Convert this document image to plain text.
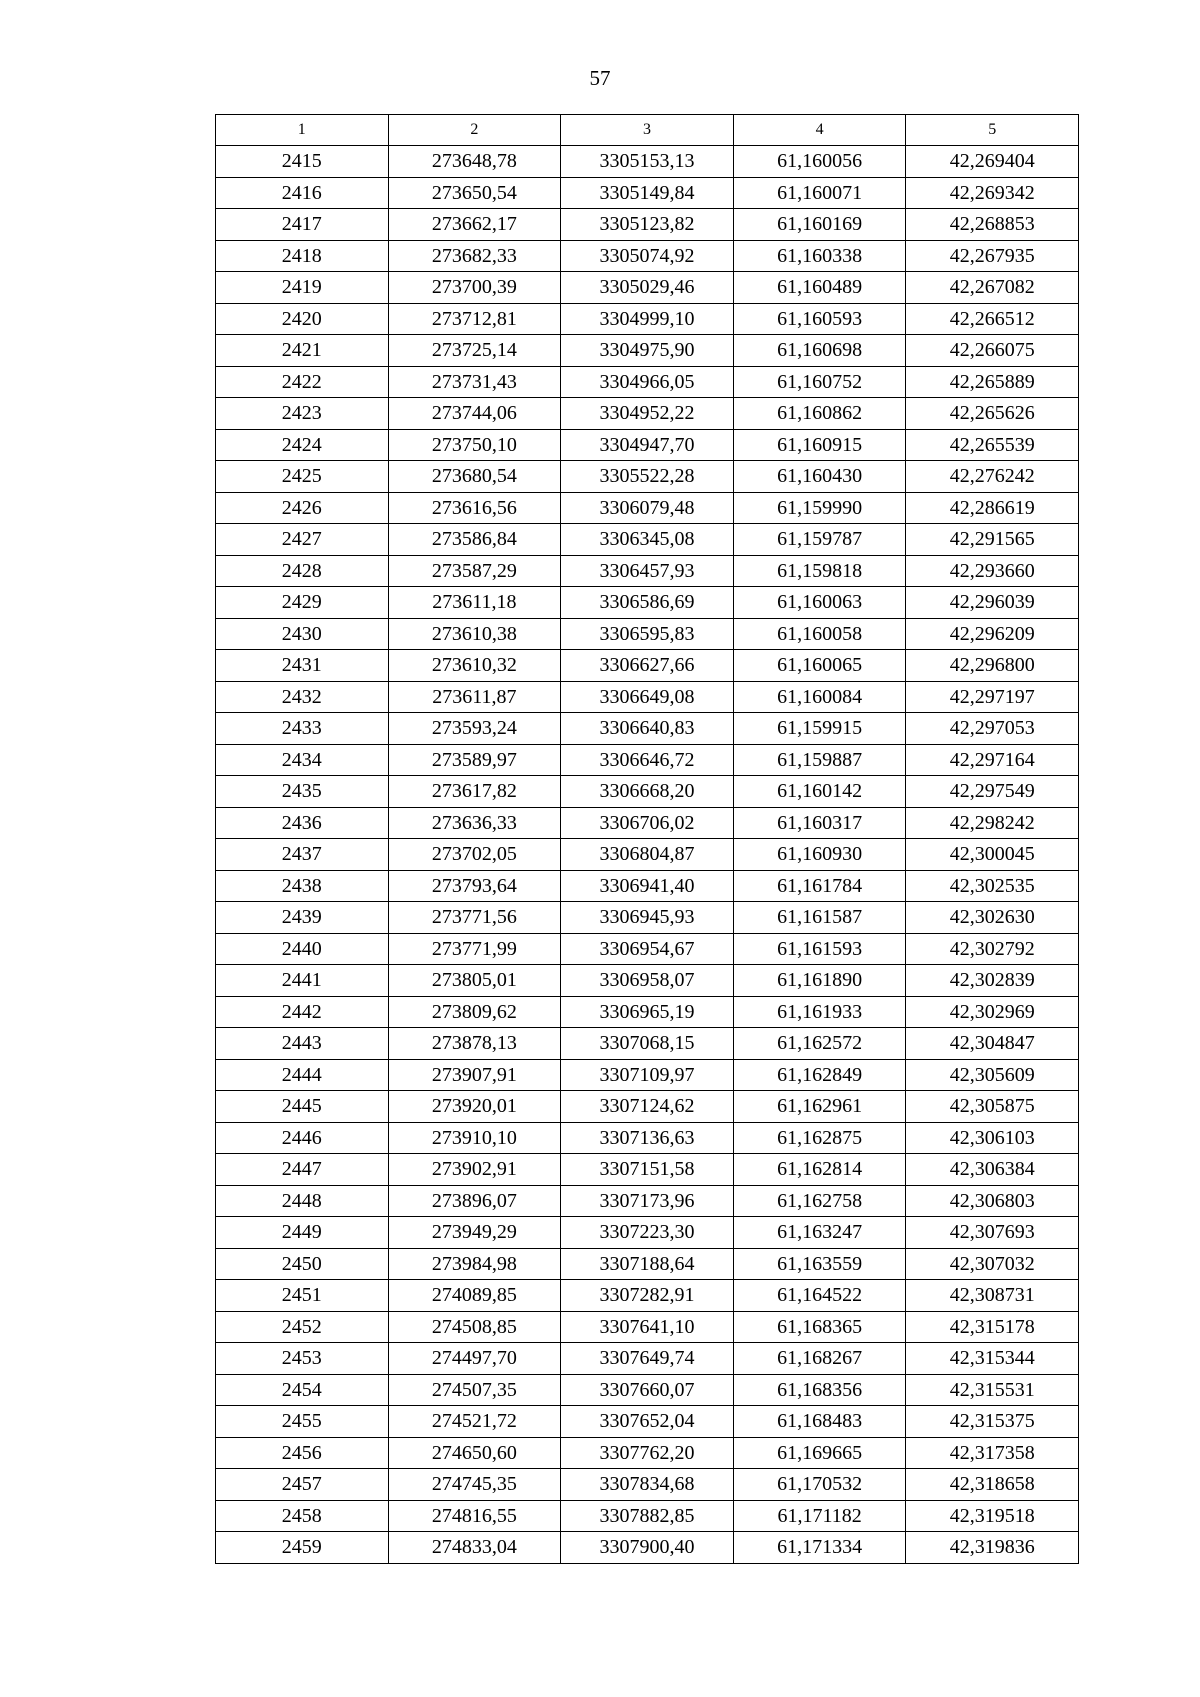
57
1	2	3	4	5
2415	273648,78	3305153,13	61,160056	42,269404
2416	273650,54	3305149,84	61,160071	42,269342
2417	273662,17	3305123,82	61,160169	42,268853
2418	273682,33	3305074,92	61,160338	42,267935
2419	273700,39	3305029,46	61,160489	42,267082
2420	273712,81	3304999,10	61,160593	42,266512
2421	273725,14	3304975,90	61,160698	42,266075
2422	273731,43	3304966,05	61,160752	42,265889
2423	273744,06	3304952,22	61,160862	42,265626
2424	273750,10	3304947,70	61,160915	42,265539
2425	273680,54	3305522,28	61,160430	42,276242
2426	273616,56	3306079,48	61,159990	42,286619
2427	273586,84	3306345,08	61,159787	42,291565
2428	273587,29	3306457,93	61,159818	42,293660
2429	273611,18	3306586,69	61,160063	42,296039
2430	273610,38	3306595,83	61,160058	42,296209
2431	273610,32	3306627,66	61,160065	42,296800
2432	273611,87	3306649,08	61,160084	42,297197
2433	273593,24	3306640,83	61,159915	42,297053
2434	273589,97	3306646,72	61,159887	42,297164
2435	273617,82	3306668,20	61,160142	42,297549
2436	273636,33	3306706,02	61,160317	42,298242
2437	273702,05	3306804,87	61,160930	42,300045
2438	273793,64	3306941,40	61,161784	42,302535
2439	273771,56	3306945,93	61,161587	42,302630
2440	273771,99	3306954,67	61,161593	42,302792
2441	273805,01	3306958,07	61,161890	42,302839
2442	273809,62	3306965,19	61,161933	42,302969
2443	273878,13	3307068,15	61,162572	42,304847
2444	273907,91	3307109,97	61,162849	42,305609
2445	273920,01	3307124,62	61,162961	42,305875
2446	273910,10	3307136,63	61,162875	42,306103
2447	273902,91	3307151,58	61,162814	42,306384
2448	273896,07	3307173,96	61,162758	42,306803
2449	273949,29	3307223,30	61,163247	42,307693
2450	273984,98	3307188,64	61,163559	42,307032
2451	274089,85	3307282,91	61,164522	42,308731
2452	274508,85	3307641,10	61,168365	42,315178
2453	274497,70	3307649,74	61,168267	42,315344
2454	274507,35	3307660,07	61,168356	42,315531
2455	274521,72	3307652,04	61,168483	42,315375
2456	274650,60	3307762,20	61,169665	42,317358
2457	274745,35	3307834,68	61,170532	42,318658
2458	274816,55	3307882,85	61,171182	42,319518
2459	274833,04	3307900,40	61,171334	42,319836
